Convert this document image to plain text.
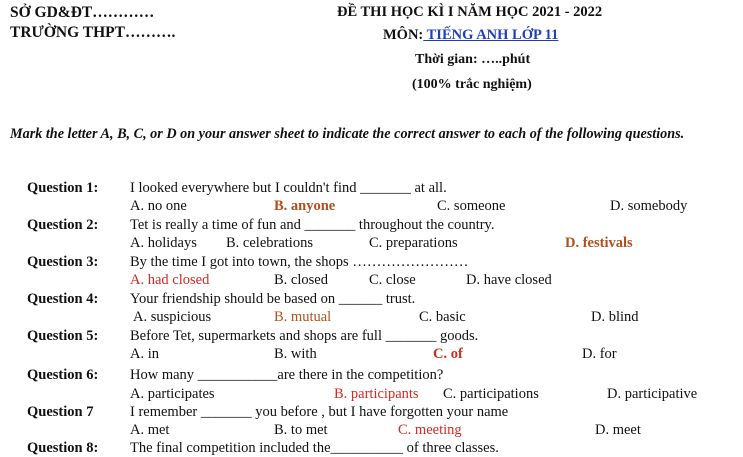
SỞ GD&ĐT…………
TRƯỜNG THPT……….
ĐỀ THI HỌC KÌ I NĂM HỌC 2021 - 2022
MÔN: TIẾNG ANH LỚP 11
Thời gian: …..phút
(100% trắc nghiệm)
Mark the letter A, B, C, or D on your answer sheet to indicate the correct answer to each of the following questions.
Question 1: I looked everywhere but I couldn't find _______ at all.
A. no one	B. anyone	C. someone	D. somebody
Question 2: Tet is really a time of fun and _______ throughout the country.
A. holidays B. celebrations	C. preparations	D. festivals
Question 3: By the time I got into town, the shops ……………………
A. had closed	B. closed	C. close	D. have closed
Question 4: Your friendship should be based on ______ trust.
A. suspicious	B. mutual	C. basic	D. blind
Question 5: Before Tet, supermarkets and shops are full _______ goods.
A. in	B. with	C. of	D. for
Question 6: How many ___________are there in the competition?
A. participates	B. participants C. participations	D. participative
Question 7	I remember _______ you before , but I have forgotten your name
A. met	B. to met	C. meeting	D. meet
Question 8: The final competition included the__________ of three classes.
